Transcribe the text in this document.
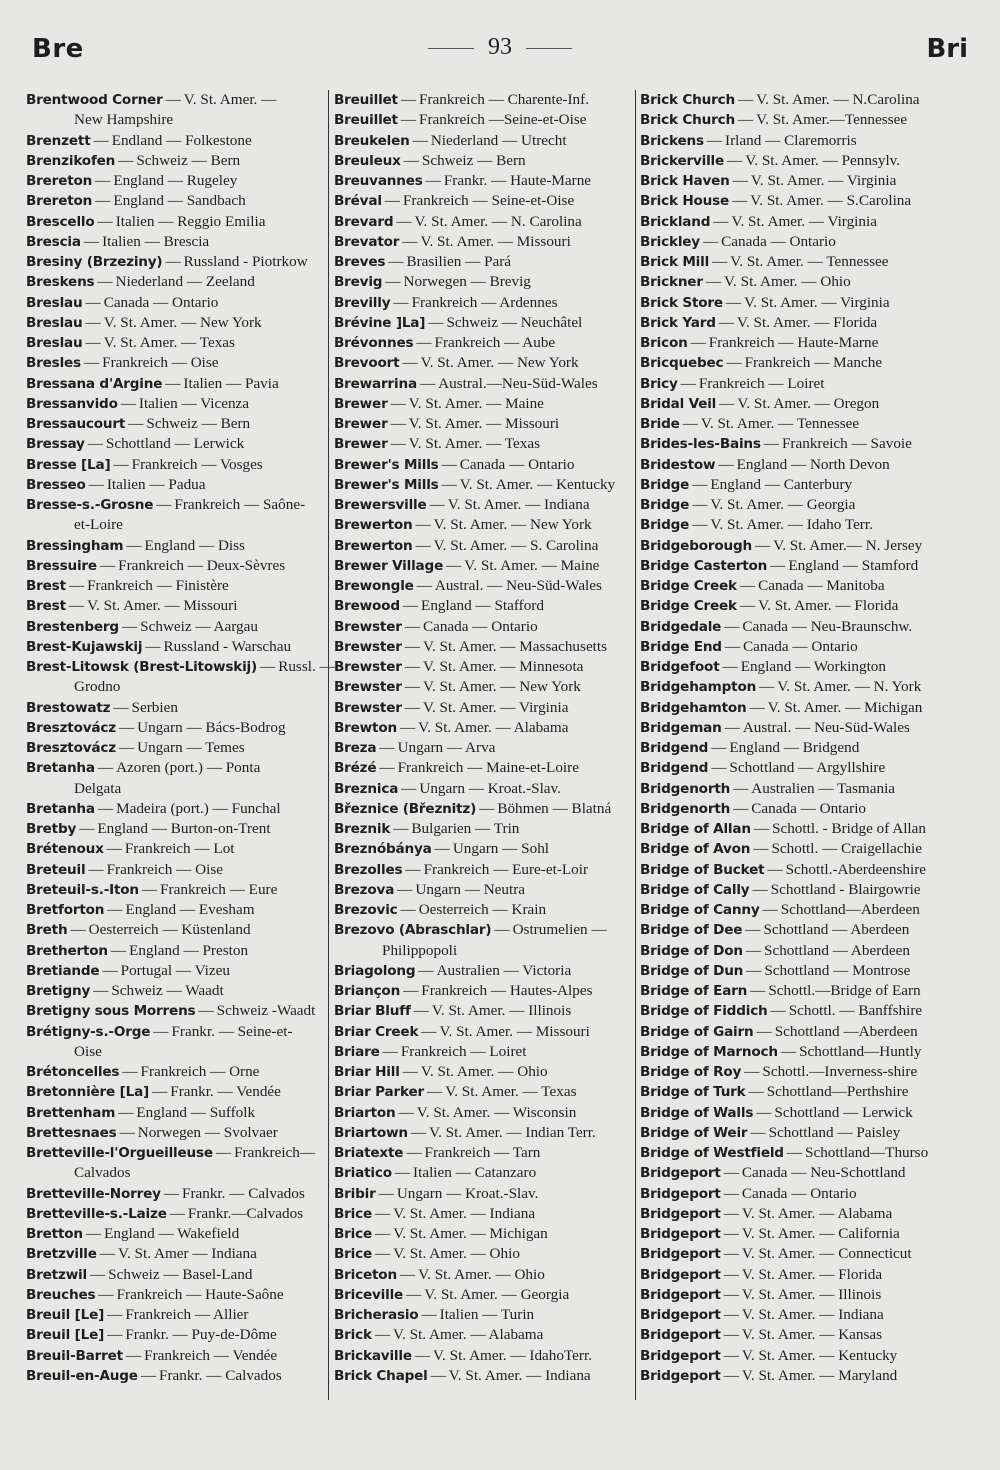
Bre	93	Bri
Brentwood Corner — V. St. Amer. —
New Hampshire
Brenzett — Endland — Folkestone
Brenzikofen — Schweiz — Bern
Brereton — England — Rugeley
Brereton — England — Sandbach
Brescello — Italien — Reggio Emilia
Brescia — Italien — Brescia
Bresiny (Brzeziny) — Russland - Piotrkow
Breskens — Niederland — Zeeland
Breslau — Canada — Ontario
Breslau — V. St. Amer. — New York
Breslau — V. St. Amer. — Texas
Bresles — Frankreich — Oise
Bressana d'Argine — Italien — Pavia
Bressanvido — Italien — Vicenza
Bressaucourt — Schweiz — Bern
Bressay — Schottland — Lerwick
Bresse [La] — Frankreich — Vosges
Bresseo — Italien — Padua
Bresse-s.-Grosne — Frankreich — Saône-
et-Loire
Bressingham — England — Diss
Bressuire — Frankreich — Deux-Sèvres
Brest — Frankreich — Finistère
Brest — V. St. Amer. — Missouri
Brestenberg — Schweiz — Aargau
Brest-Kujawskij — Russland - Warschau
Brest-Litowsk (Brest-Litowskij) — Russl. —
Grodno
Brestowatz — Serbien
Bresztovácz — Ungarn — Bács-Bodrog
Bresztovácz — Ungarn — Temes
Bretanha — Azoren (port.) — Ponta
Delgata
Bretanha — Madeira (port.) — Funchal
Bretby — England — Burton-on-Trent
Brétenoux — Frankreich — Lot
Breteuil — Frankreich — Oise
Breteuil-s.-Iton — Frankreich — Eure
Bretforton — England — Evesham
Breth — Oesterreich — Küstenland
Bretherton — England — Preston
Bretiande — Portugal — Vizeu
Bretigny — Schweiz — Waadt
Bretigny sous Morrens — Schweiz -Waadt
Brétigny-s.-Orge — Frankr. — Seine-et-
Oise
Brétoncelles — Frankreich — Orne
Bretonnière [La] — Frankr. — Vendée
Brettenham — England — Suffolk
Brettesnaes — Norwegen — Svolvaer
Bretteville-l'Orgueilleuse — Frankreich—
Calvados
Bretteville-Norrey — Frankr. — Calvados
Bretteville-s.-Laize — Frankr.—Calvados
Bretton — England — Wakefield
Bretzville — V. St. Amer — Indiana
Bretzwil — Schweiz — Basel-Land
Breuches — Frankreich — Haute-Saône
Breuil [Le] — Frankreich — Allier
Breuil [Le] — Frankr. — Puy-de-Dôme
Breuil-Barret — Frankreich — Vendée
Breuil-en-Auge — Frankr. — Calvados
Breuillet — Frankreich — Charente-Inf.
Breuillet — Frankreich —Seine-et-Oise
Breukelen — Niederland — Utrecht
Breuleux — Schweiz — Bern
Breuvannes — Frankr. — Haute-Marne
Bréval — Frankreich — Seine-et-Oise
Brevard — V. St. Amer. — N. Carolina
Brevator — V. St. Amer. — Missouri
Breves — Brasilien — Pará
Brevig — Norwegen — Brevig
Brevilly — Frankreich — Ardennes
Brévine ]La] — Schweiz — Neuchâtel
Brévonnes — Frankreich — Aube
Brevoort — V. St. Amer. — New York
Brewarrina — Austral.—Neu-Süd-Wales
Brewer — V. St. Amer. — Maine
Brewer — V. St. Amer. — Missouri
Brewer — V. St. Amer. — Texas
Brewer's Mills — Canada — Ontario
Brewer's Mills — V. St. Amer. — Kentucky
Brewersville — V. St. Amer. — Indiana
Brewerton — V. St. Amer. — New York
Brewerton — V. St. Amer. — S. Carolina
Brewer Village — V. St. Amer. — Maine
Brewongle — Austral. — Neu-Süd-Wales
Brewood — England — Stafford
Brewster — Canada — Ontario
Brewster — V. St. Amer. — Massachusetts
Brewster — V. St. Amer. — Minnesota
Brewster — V. St. Amer. — New York
Brewster — V. St. Amer. — Virginia
Brewton — V. St. Amer. — Alabama
Breza — Ungarn — Arva
Brézé — Frankreich — Maine-et-Loire
Breznica — Ungarn — Kroat.-Slav.
Březnice (Březnitz) — Böhmen — Blatná
Breznik — Bulgarien — Trin
Breznóbánya — Ungarn — Sohl
Brezolles — Frankreich — Eure-et-Loir
Brezova — Ungarn — Neutra
Brezovic — Oesterreich — Krain
Brezovo (Abraschlar) — Ostrumelien —
Philippopoli
Briagolong — Australien — Victoria
Briançon — Frankreich — Hautes-Alpes
Briar Bluff — V. St. Amer. — Illinois
Briar Creek — V. St. Amer. — Missouri
Briare — Frankreich — Loiret
Briar Hill — V. St. Amer. — Ohio
Briar Parker — V. St. Amer. — Texas
Briarton — V. St. Amer. — Wisconsin
Briartown — V. St. Amer. — Indian Terr.
Briatexte — Frankreich — Tarn
Briatico — Italien — Catanzaro
Bribir — Ungarn — Kroat.-Slav.
Brice — V. St. Amer. — Indiana
Brice — V. St. Amer. — Michigan
Brice — V. St. Amer. — Ohio
Briceton — V. St. Amer. — Ohio
Briceville — V. St. Amer. — Georgia
Bricherasio — Italien — Turin
Brick — V. St. Amer. — Alabama
Brickaville — V. St. Amer. — IdahoTerr.
Brick Chapel — V. St. Amer. — Indiana
Brick Church — V. St. Amer. — N.Carolina
Brick Church — V. St. Amer.—Tennessee
Brickens — Irland — Claremorris
Brickerville — V. St. Amer. — Pennsylv.
Brick Haven — V. St. Amer. — Virginia
Brick House — V. St. Amer. — S.Carolina
Brickland — V. St. Amer. — Virginia
Brickley — Canada — Ontario
Brick Mill — V. St. Amer. — Tennessee
Brickner — V. St. Amer. — Ohio
Brick Store — V. St. Amer. — Virginia
Brick Yard — V. St. Amer. — Florida
Bricon — Frankreich — Haute-Marne
Bricquebec — Frankreich — Manche
Bricy — Frankreich — Loiret
Bridal Veil — V. St. Amer. — Oregon
Bride — V. St. Amer. — Tennessee
Brides-les-Bains — Frankreich — Savoie
Bridestow — England — North Devon
Bridge — England — Canterbury
Bridge — V. St. Amer. — Georgia
Bridge — V. St. Amer. — Idaho Terr.
Bridgeborough — V. St. Amer.— N. Jersey
Bridge Casterton — England — Stamford
Bridge Creek — Canada — Manitoba
Bridge Creek — V. St. Amer. — Florida
Bridgedale — Canada — Neu-Braunschw.
Bridge End — Canada — Ontario
Bridgefoot — England — Workington
Bridgehampton — V. St. Amer. — N. York
Bridgehamton — V. St. Amer. — Michigan
Bridgeman — Austral. — Neu-Süd-Wales
Bridgend — England — Bridgend
Bridgend — Schottland — Argyllshire
Bridgenorth — Australien — Tasmania
Bridgenorth — Canada — Ontario
Bridge of Allan — Schottl. - Bridge of Allan
Bridge of Avon — Schottl. — Craigellachie
Bridge of Bucket — Schottl.-Aberdeenshire
Bridge of Cally — Schottland - Blairgowrie
Bridge of Canny — Schottland—Aberdeen
Bridge of Dee — Schottland — Aberdeen
Bridge of Don — Schottland — Aberdeen
Bridge of Dun — Schottland — Montrose
Bridge of Earn — Schottl.—Bridge of Earn
Bridge of Fiddich — Schottl. — Banffshire
Bridge of Gairn — Schottland —Aberdeen
Bridge of Marnoch — Schottland—Huntly
Bridge of Roy — Schottl.—Inverness-shire
Bridge of Turk — Schottland—Perthshire
Bridge of Walls — Schottland — Lerwick
Bridge of Weir — Schottland — Paisley
Bridge of Westfield — Schottland—Thurso
Bridgeport — Canada — Neu-Schottland
Bridgeport — Canada — Ontario
Bridgeport — V. St. Amer. — Alabama
Bridgeport — V. St. Amer. — California
Bridgeport — V. St. Amer. — Connecticut
Bridgeport — V. St. Amer. — Florida
Bridgeport — V. St. Amer. — Illinois
Bridgeport — V. St. Amer. — Indiana
Bridgeport — V. St. Amer. — Kansas
Bridgeport — V. St. Amer. — Kentucky
Bridgeport — V. St. Amer. — Maryland
